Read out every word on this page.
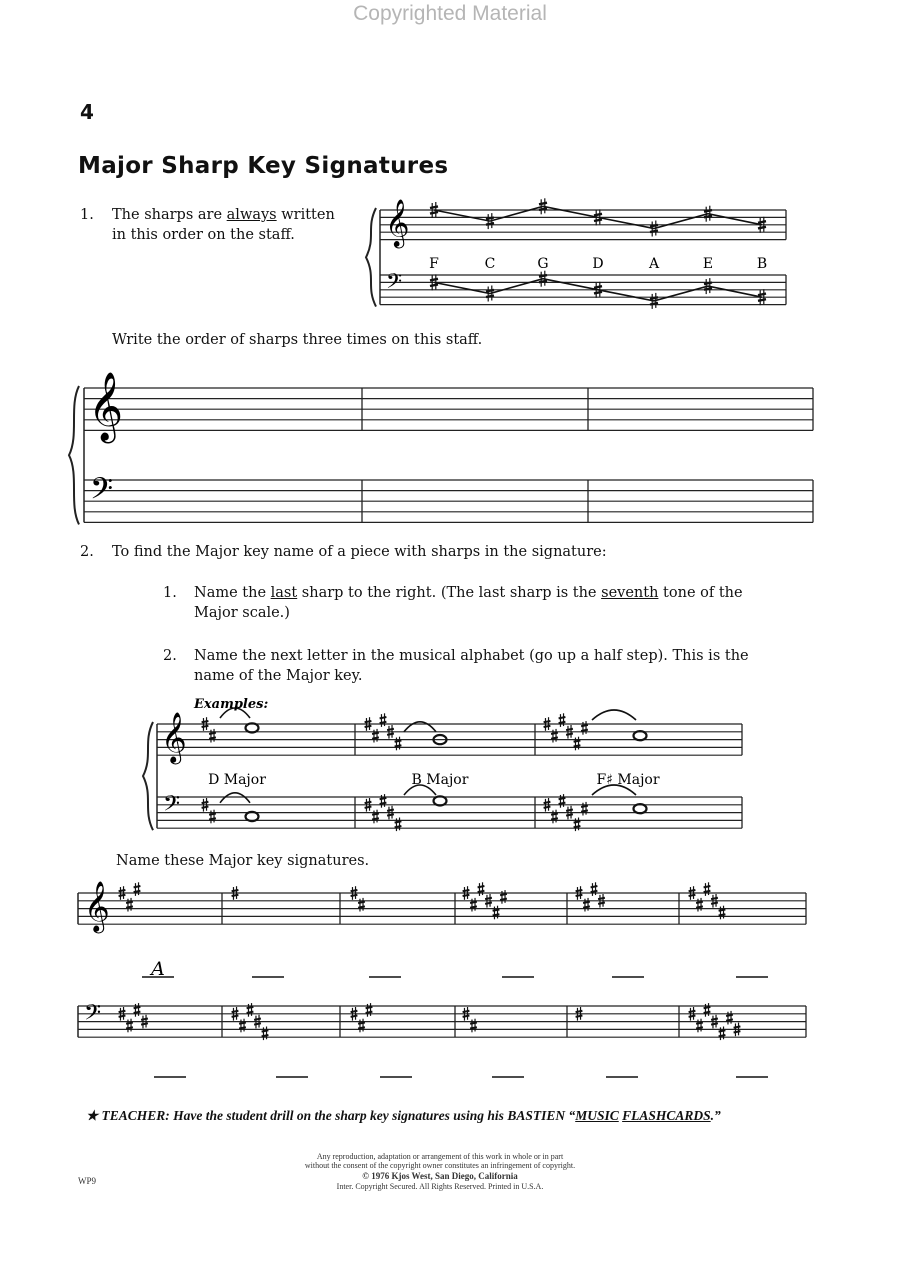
Copyrighted Material
4
Major Sharp Key Signatures
1. The sharps are always written
in this order on the staff.	𝄞
𝄢
F	C	G	D	A	E	B
𝄞
𝄢
𝄞
𝄢
Examples:
D Major	B Major	F♯ Major
𝄞
𝄢
A
Write the order of sharps three times on this staff.
2. To find the Major key name of a piece with sharps in the signature:
1. Name the last sharp to the right. (The last sharp is the seventh tone of the
Major scale.)
2. Name the next letter in the musical alphabet (go up a half step). This is the
name of the Major key.
Name these Major key signatures.
★ TEACHER: Have the student drill on the sharp key signatures using his BASTIEN “MUSIC FLASHCARDS.”
Any reproduction, adaptation or arrangement of this work in whole or in part
without the consent of the copyright owner constitutes an infringement of copyright.
© 1976 Kjos West, San Diego, California
Inter. Copyright Secured. All Rights Reserved. Printed in U.S.A.
WP9
